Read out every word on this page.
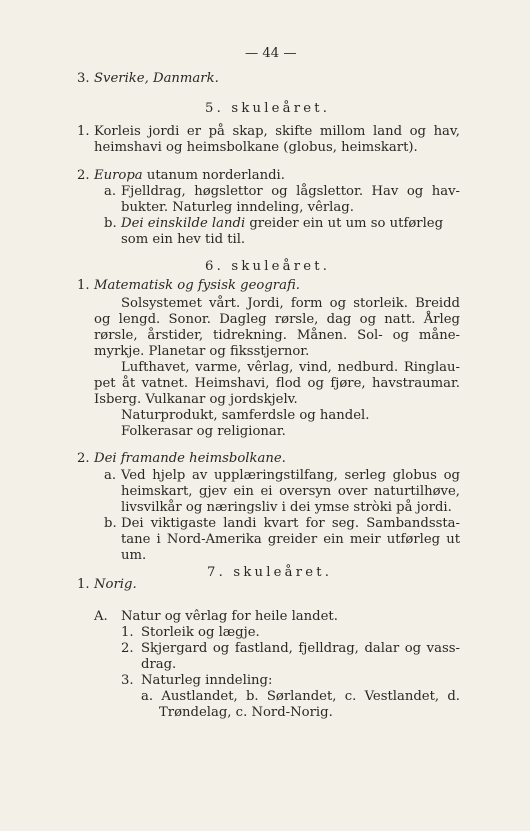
— 44 —
3. Sverike, Danmark.
5. skuleåret.
1. Korleis jordi er på skap, skifte millom land og hav,
heimshavi og heimsbolkane (globus, heimskart).
2. Europa utanum norderlandi.
a. Fjelldrag, høgslettor og lågslettor. Hav og hav-
bukter. Naturleg inndeling, vêrlag.
b. Dei einskilde landi greider ein ut um so utførleg
som ein hev tid til.
6. skuleåret.
1. Matematisk og fysisk geografi.
Solsystemet vårt. Jordi, form og storleik. Breidd
og lengd. Sonor. Dagleg rørsle, dag og natt. Årleg
rørsle, årstider, tidrekning. Månen. Sol- og måne-
myrkje. Planetar og fiksstjernor.
Lufthavet, varme, vêrlag, vind, nedburd. Ringlau-
pet åt vatnet. Heimshavi, flod og fjøre, havstraumar.
Isberg. Vulkanar og jordskjelv.
Naturprodukt, samferdsle og handel.
Folkerasar og religionar.
2. Dei framande heimsbolkane.
a. Ved hjelp av upplæringstilfang, serleg globus og
heimskart, gjev ein ei oversyn over naturtilhøve,
livsvilkår og næringsliv i dei ymse stròki på jordi.
b. Dei viktigaste landi kvart for seg. Sambandssta-
tane i Nord-Amerika greider ein meir utførleg ut
um.
1. Norig.
7. skuleåret.
A. Natur og vêrlag for heile landet.
1. Storleik og lægje.
2. Skjergard og fastland, fjelldrag, dalar og vass-
drag.
3. Naturleg inndeling:
a. Austlandet, b. Sørlandet, c. Vestlandet, d.
Trøndelag, c. Nord-Norig.
